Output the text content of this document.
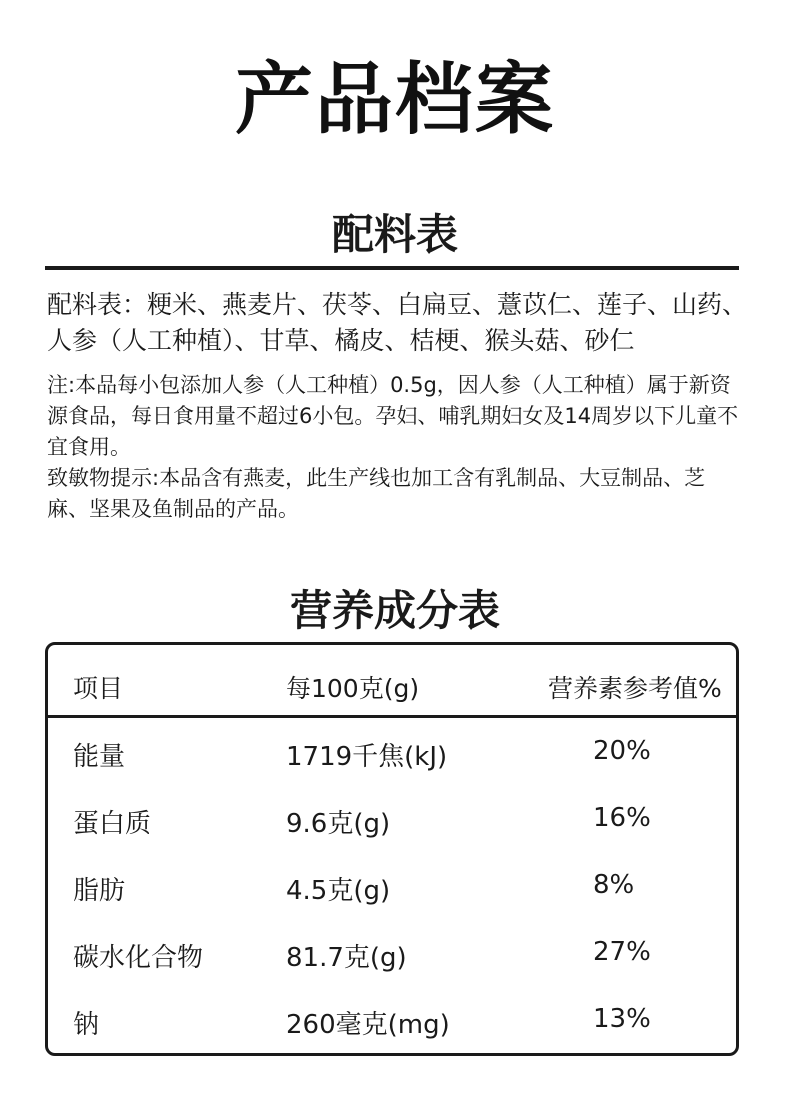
产品档案
配料表
配料表：粳米、燕麦片、茯苓、白扁豆、薏苡仁、莲子、山药、人参（人工种植）、甘草、橘皮、桔梗、猴头菇、砂仁

注:本品每小包添加人参（人工种植）0.5g，因人参（人工种植）属于新资源食品，每日食用量不超过6小包。孕妇、哺乳期妇女及14周岁以下儿童不宜食用。

致敏物提示:本品含有燕麦，此生产线也加工含有乳制品、大豆制品、芝麻、坚果及鱼制品的产品。

营养成分表
项目	每100克(g)	营养素参考值%
能量	1719千焦(kJ)	20%
蛋白质	9.6克(g)	16%
脂肪	4.5克(g)	8%
碳水化合物	81.7克(g)	27%
钠	260毫克(mg)	13%
